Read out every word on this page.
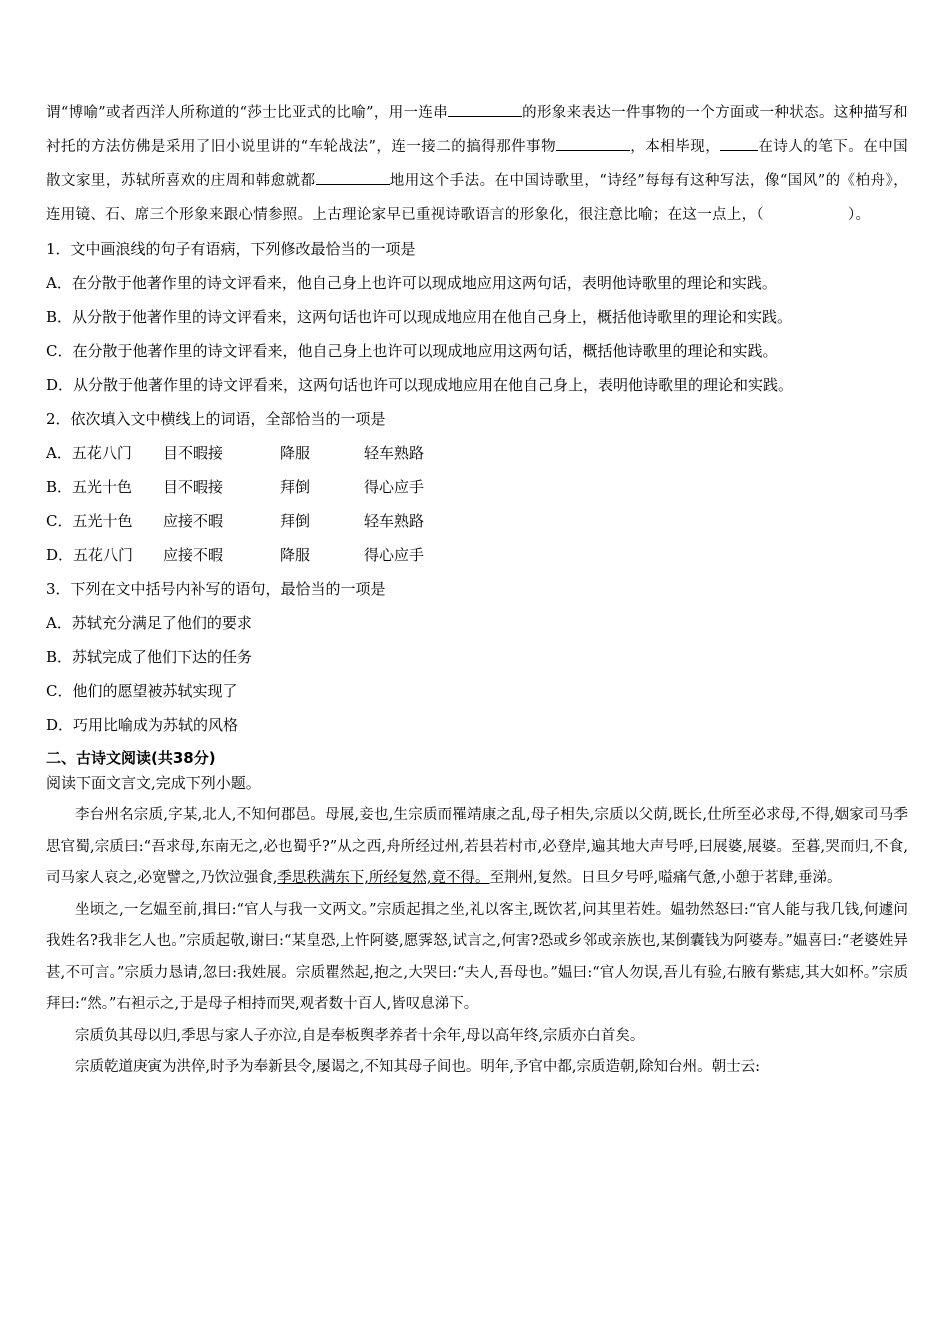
谓“博喻”或者西洋人所称道的“莎士比亚式的比喻”，用一连串	的形象来表达一件事物的一个方面或一种状态。这种描写和衬托的方法仿佛是采用了旧小说里讲的“车轮战法”，连一接二的搞得那件事物	，本相毕现，	在诗人的笔下。在中国散文家里，苏轼所喜欢的庄周和韩愈就都	地用这个手法。在中国诗歌里，“诗经”每每有这种写法，像“国风”的《柏舟》，连用镜、石、席三个形象来跟心情参照。上古理论家早已重视诗歌语言的形象化，很注意比喻；在这一点上，（	）。

1．文中画浪线的句子有语病，下列修改最恰当的一项是

A．在分散于他著作里的诗文评看来，他自己身上也许可以现成地应用这两句话，表明他诗歌里的理论和实践。

B．从分散于他著作里的诗文评看来，这两句话也许可以现成地应用在他自己身上，概括他诗歌里的理论和实践。

C．在分散于他著作里的诗文评看来，他自己身上也许可以现成地应用这两句话，概括他诗歌里的理论和实践。

D．从分散于他著作里的诗文评看来，这两句话也许可以现成地应用在他自己身上，表明他诗歌里的理论和实践。

2．依次填入文中横线上的词语，全部恰当的一项是

A．五花八门 目不暇接	降服	轻车熟路

B．五光十色 目不暇接	拜倒	得心应手

C．五光十色 应接不暇	拜倒	轻车熟路

D．五花八门 应接不暇	降服	得心应手

3．下列在文中括号内补写的语句，最恰当的一项是

A．苏轼充分满足了他们的要求

B．苏轼完成了他们下达的任务

C．他们的愿望被苏轼实现了

D．巧用比喻成为苏轼的风格

二、古诗文阅读(共38分)

阅读下面文言文,完成下列小题。

李台州名宗质,字某,北人,不知何郡邑。母展,妾也,生宗质而罹靖康之乱,母子相失,宗质以父荫,既长,仕所至必求母,不得,姻家司马季思官蜀,宗质曰:“吾求母,东南无之,必也蜀乎?”从之西,舟所经过州,若县若村市,必登岸,遍其地大声号呼,曰展婆,展婆。至暮,哭而归,不食,司马家人哀之,必宽譬之,乃饮泣强食,季思秩满东下,所经复然,竟不得。至荆州,复然。日旦夕号呼,嗌痛气惫,小憩于茗肆,垂涕。

坐顷之,一乞媪至前,揖曰:“官人与我一文两文。”宗质起揖之坐,礼以客主,既饮茗,问其里若姓。媪勃然怒曰:“官人能与我几钱,何遽问我姓名?我非乞人也。”宗质起敬,谢曰:“某皇恐,上忤阿婆,愿霁怒,试言之,何害?恐或乡邻或亲族也,某倒囊钱为阿婆寿。”媪喜曰:“老婆姓异甚,不可言。”宗质力恳请,忽曰:我姓展。宗质瞿然起,抱之,大哭曰:“夫人,吾母也。”媪曰:“官人勿误,吾儿有验,右腋有紫痣,其大如杯。”宗质拜曰:“然。”右袒示之,于是母子相持而哭,观者数十百人,皆叹息涕下。

宗质负其母以归,季思与家人子亦泣,自是奉板舆孝养者十余年,母以高年终,宗质亦白首矣。

宗质乾道庚寅为洪倅,时予为奉新县令,屡谒之,不知其母子间也。明年,予官中都,宗质造朝,除知台州。朝士云:
